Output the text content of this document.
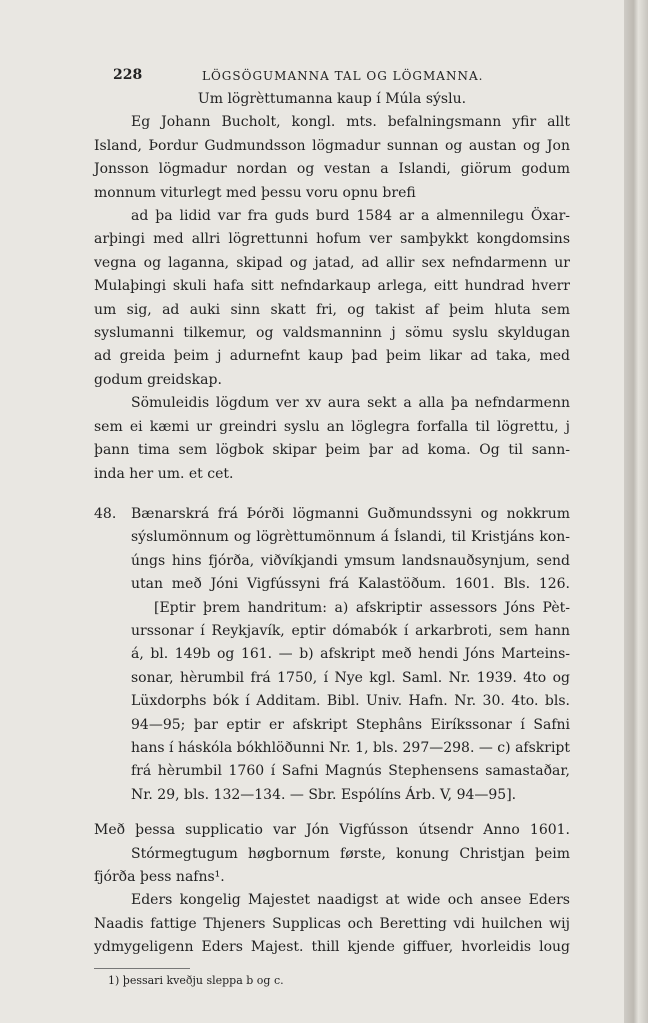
228	LÖGSÖGUMANNA TAL OG LÖGMANNA.
Um lögrèttumanna kaup í Múla sýslu.
Eg Johann Bucholt, kongl. mts. befalningsmann yfir allt
Island, Þordur Gudmundsson lögmadur sunnan og austan og Jon
Jonsson lögmadur nordan og vestan a Islandi, giörum godum
monnum viturlegt med þessu voru opnu brefi
ad þa lidid var fra guds burd 1584 ar a almennilegu Öxar-
arþingi med allri lögrettunni hofum ver samþykkt kongdomsins
vegna og laganna, skipad og jatad, ad allir sex nefndarmenn ur
Mulaþingi skuli hafa sitt nefndarkaup arlega, eitt hundrad hverr
um sig, ad auki sinn skatt fri, og takist af þeim hluta sem
syslumanni tilkemur, og valdsmanninn j sömu syslu skyldugan
ad greida þeim j adurnefnt kaup þad þeim likar ad taka, med
godum greidskap.
Sömuleidis lögdum ver xv aura sekt a alla þa nefndarmenn
sem ei kæmi ur greindri syslu an löglegra forfalla til lögrettu, j
þann tima sem lögbok skipar þeim þar ad koma. Og til sann-
inda her um. et cet.
48. Bænarskrá frá Þórði lögmanni Guðmundssyni og nokkrum
sýslumönnum og lögrèttumönnum á Íslandi, til Kristjáns kon-
úngs hins fjórða, viðvíkjandi ymsum landsnauðsynjum, send
utan með Jóni Vigfússyni frá Kalastöðum. 1601. Bls. 126.
[Eptir þrem handritum: a) afskriptir assessors Jóns Pèt-
urssonar í Reykjavík, eptir dómabók í arkarbroti, sem hann
á, bl. 149b og 161. — b) afskript með hendi Jóns Marteins-
sonar, hèrumbil frá 1750, í Nye kgl. Saml. Nr. 1939. 4to og
Lüxdorphs bók í Additam. Bibl. Univ. Hafn. Nr. 30. 4to. bls.
94—95; þar eptir er afskript Stephâns Eiríkssonar í Safni
hans í háskóla bókhlöðunni Nr. 1, bls. 297—298. — c) afskript
frá hèrumbil 1760 í Safni Magnús Stephensens samastaðar,
Nr. 29, bls. 132—134. — Sbr. Espólíns Árb. V, 94—95].
Með þessa supplicatio var Jón Vigfússon útsendr Anno 1601.
Stórmegtugum høgbornum første, konung Christjan þeim
fjórða þess nafns¹.
Eders kongelig Majestet naadigst at wide och ansee Eders
Naadis fattige Thjeners Supplicas och Beretting vdi huilchen wij
ydmygeligenn Eders Majest. thill kjende giffuer, hvorleidis loug
1) þessari kveðju sleppa b og c.
